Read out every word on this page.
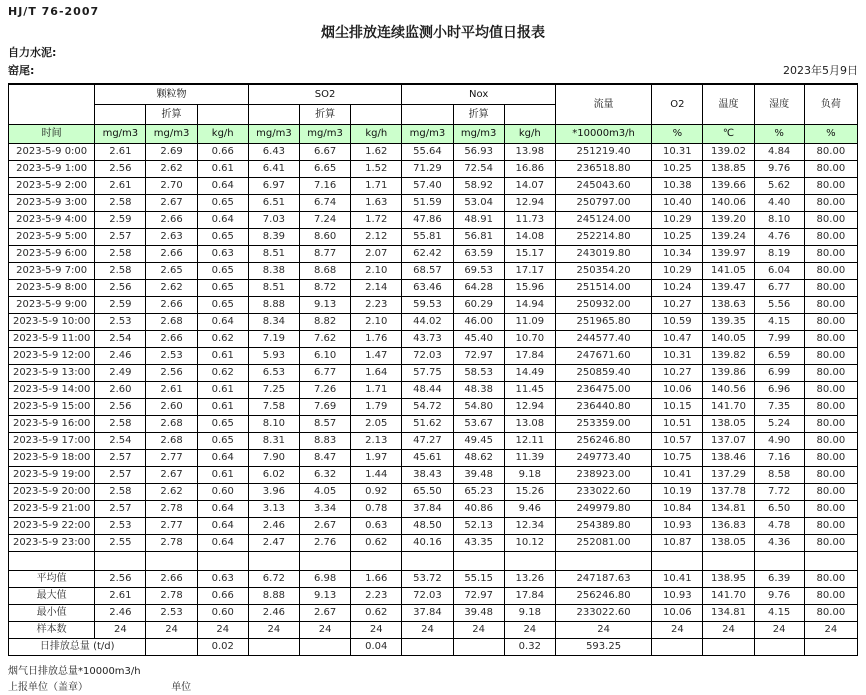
HJ/T 76-2007
烟尘排放连续监测小时平均值日报表
自力水泥:
窑尾:	2023年5月9日
	颗粒物			SO2			Nox			流量	O2	温度	湿度	负荷
		折算			折算			折算						
时间	mg/m3	mg/m3	kg/h	mg/m3	mg/m3	kg/h	mg/m3	mg/m3	kg/h	*10000m3/h	%	℃	%	%
2023-5-9 0:00	2.61	2.69	0.66	6.43	6.67	1.62	55.64	56.93	13.98	251219.40	10.31	139.02	4.84	80.00
2023-5-9 1:00	2.56	2.62	0.61	6.41	6.65	1.52	71.29	72.54	16.86	236518.80	10.25	138.85	9.76	80.00
2023-5-9 2:00	2.61	2.70	0.64	6.97	7.16	1.71	57.40	58.92	14.07	245043.60	10.38	139.66	5.62	80.00
2023-5-9 3:00	2.58	2.67	0.65	6.51	6.74	1.63	51.59	53.04	12.94	250797.00	10.40	140.06	4.40	80.00
2023-5-9 4:00	2.59	2.66	0.64	7.03	7.24	1.72	47.86	48.91	11.73	245124.00	10.29	139.20	8.10	80.00
2023-5-9 5:00	2.57	2.63	0.65	8.39	8.60	2.12	55.81	56.81	14.08	252214.80	10.25	139.24	4.76	80.00
2023-5-9 6:00	2.58	2.66	0.63	8.51	8.77	2.07	62.42	63.59	15.17	243019.80	10.34	139.97	8.19	80.00
2023-5-9 7:00	2.58	2.65	0.65	8.38	8.68	2.10	68.57	69.53	17.17	250354.20	10.29	141.05	6.04	80.00
2023-5-9 8:00	2.56	2.62	0.65	8.51	8.72	2.14	63.46	64.28	15.96	251514.00	10.24	139.47	6.77	80.00
2023-5-9 9:00	2.59	2.66	0.65	8.88	9.13	2.23	59.53	60.29	14.94	250932.00	10.27	138.63	5.56	80.00
2023-5-9 10:00	2.53	2.68	0.64	8.34	8.82	2.10	44.02	46.00	11.09	251965.80	10.59	139.35	4.15	80.00
2023-5-9 11:00	2.54	2.66	0.62	7.19	7.62	1.76	43.73	45.40	10.70	244577.40	10.47	140.05	7.99	80.00
2023-5-9 12:00	2.46	2.53	0.61	5.93	6.10	1.47	72.03	72.97	17.84	247671.60	10.31	139.82	6.59	80.00
2023-5-9 13:00	2.49	2.56	0.62	6.53	6.77	1.64	57.75	58.53	14.49	250859.40	10.27	139.86	6.99	80.00
2023-5-9 14:00	2.60	2.61	0.61	7.25	7.26	1.71	48.44	48.38	11.45	236475.00	10.06	140.56	6.96	80.00
2023-5-9 15:00	2.56	2.60	0.61	7.58	7.69	1.79	54.72	54.80	12.94	236440.80	10.15	141.70	7.35	80.00
2023-5-9 16:00	2.58	2.68	0.65	8.10	8.57	2.05	51.62	53.67	13.08	253359.00	10.51	138.05	5.24	80.00
2023-5-9 17:00	2.54	2.68	0.65	8.31	8.83	2.13	47.27	49.45	12.11	256246.80	10.57	137.07	4.90	80.00
2023-5-9 18:00	2.57	2.77	0.64	7.90	8.47	1.97	45.61	48.62	11.39	249773.40	10.75	138.46	7.16	80.00
2023-5-9 19:00	2.57	2.67	0.61	6.02	6.32	1.44	38.43	39.48	9.18	238923.00	10.41	137.29	8.58	80.00
2023-5-9 20:00	2.58	2.62	0.60	3.96	4.05	0.92	65.50	65.23	15.26	233022.60	10.19	137.78	7.72	80.00
2023-5-9 21:00	2.57	2.78	0.64	3.13	3.34	0.78	37.84	40.86	9.46	249979.80	10.84	134.81	6.50	80.00
2023-5-9 22:00	2.53	2.77	0.64	2.46	2.67	0.63	48.50	52.13	12.34	254389.80	10.93	136.83	4.78	80.00
2023-5-9 23:00	2.55	2.78	0.64	2.47	2.76	0.62	40.16	43.35	10.12	252081.00	10.87	138.05	4.36	80.00

平均值	2.56	2.66	0.63	6.72	6.98	1.66	53.72	55.15	13.26	247187.63	10.41	138.95	6.39	80.00
最大值	2.61	2.78	0.66	8.88	9.13	2.23	72.03	72.97	17.84	256246.80	10.93	141.70	9.76	80.00
最小值	2.46	2.53	0.60	2.46	2.67	0.62	37.84	39.48	9.18	233022.60	10.06	134.81	4.15	80.00
样本数	24	24	24	24	24	24	24	24	24	24	24	24	24	24
日排放总量 (t/d)			0.02			0.04			0.32	593.25				
烟气日排放总量*10000m3/h
上报单位（盖章）	单位
